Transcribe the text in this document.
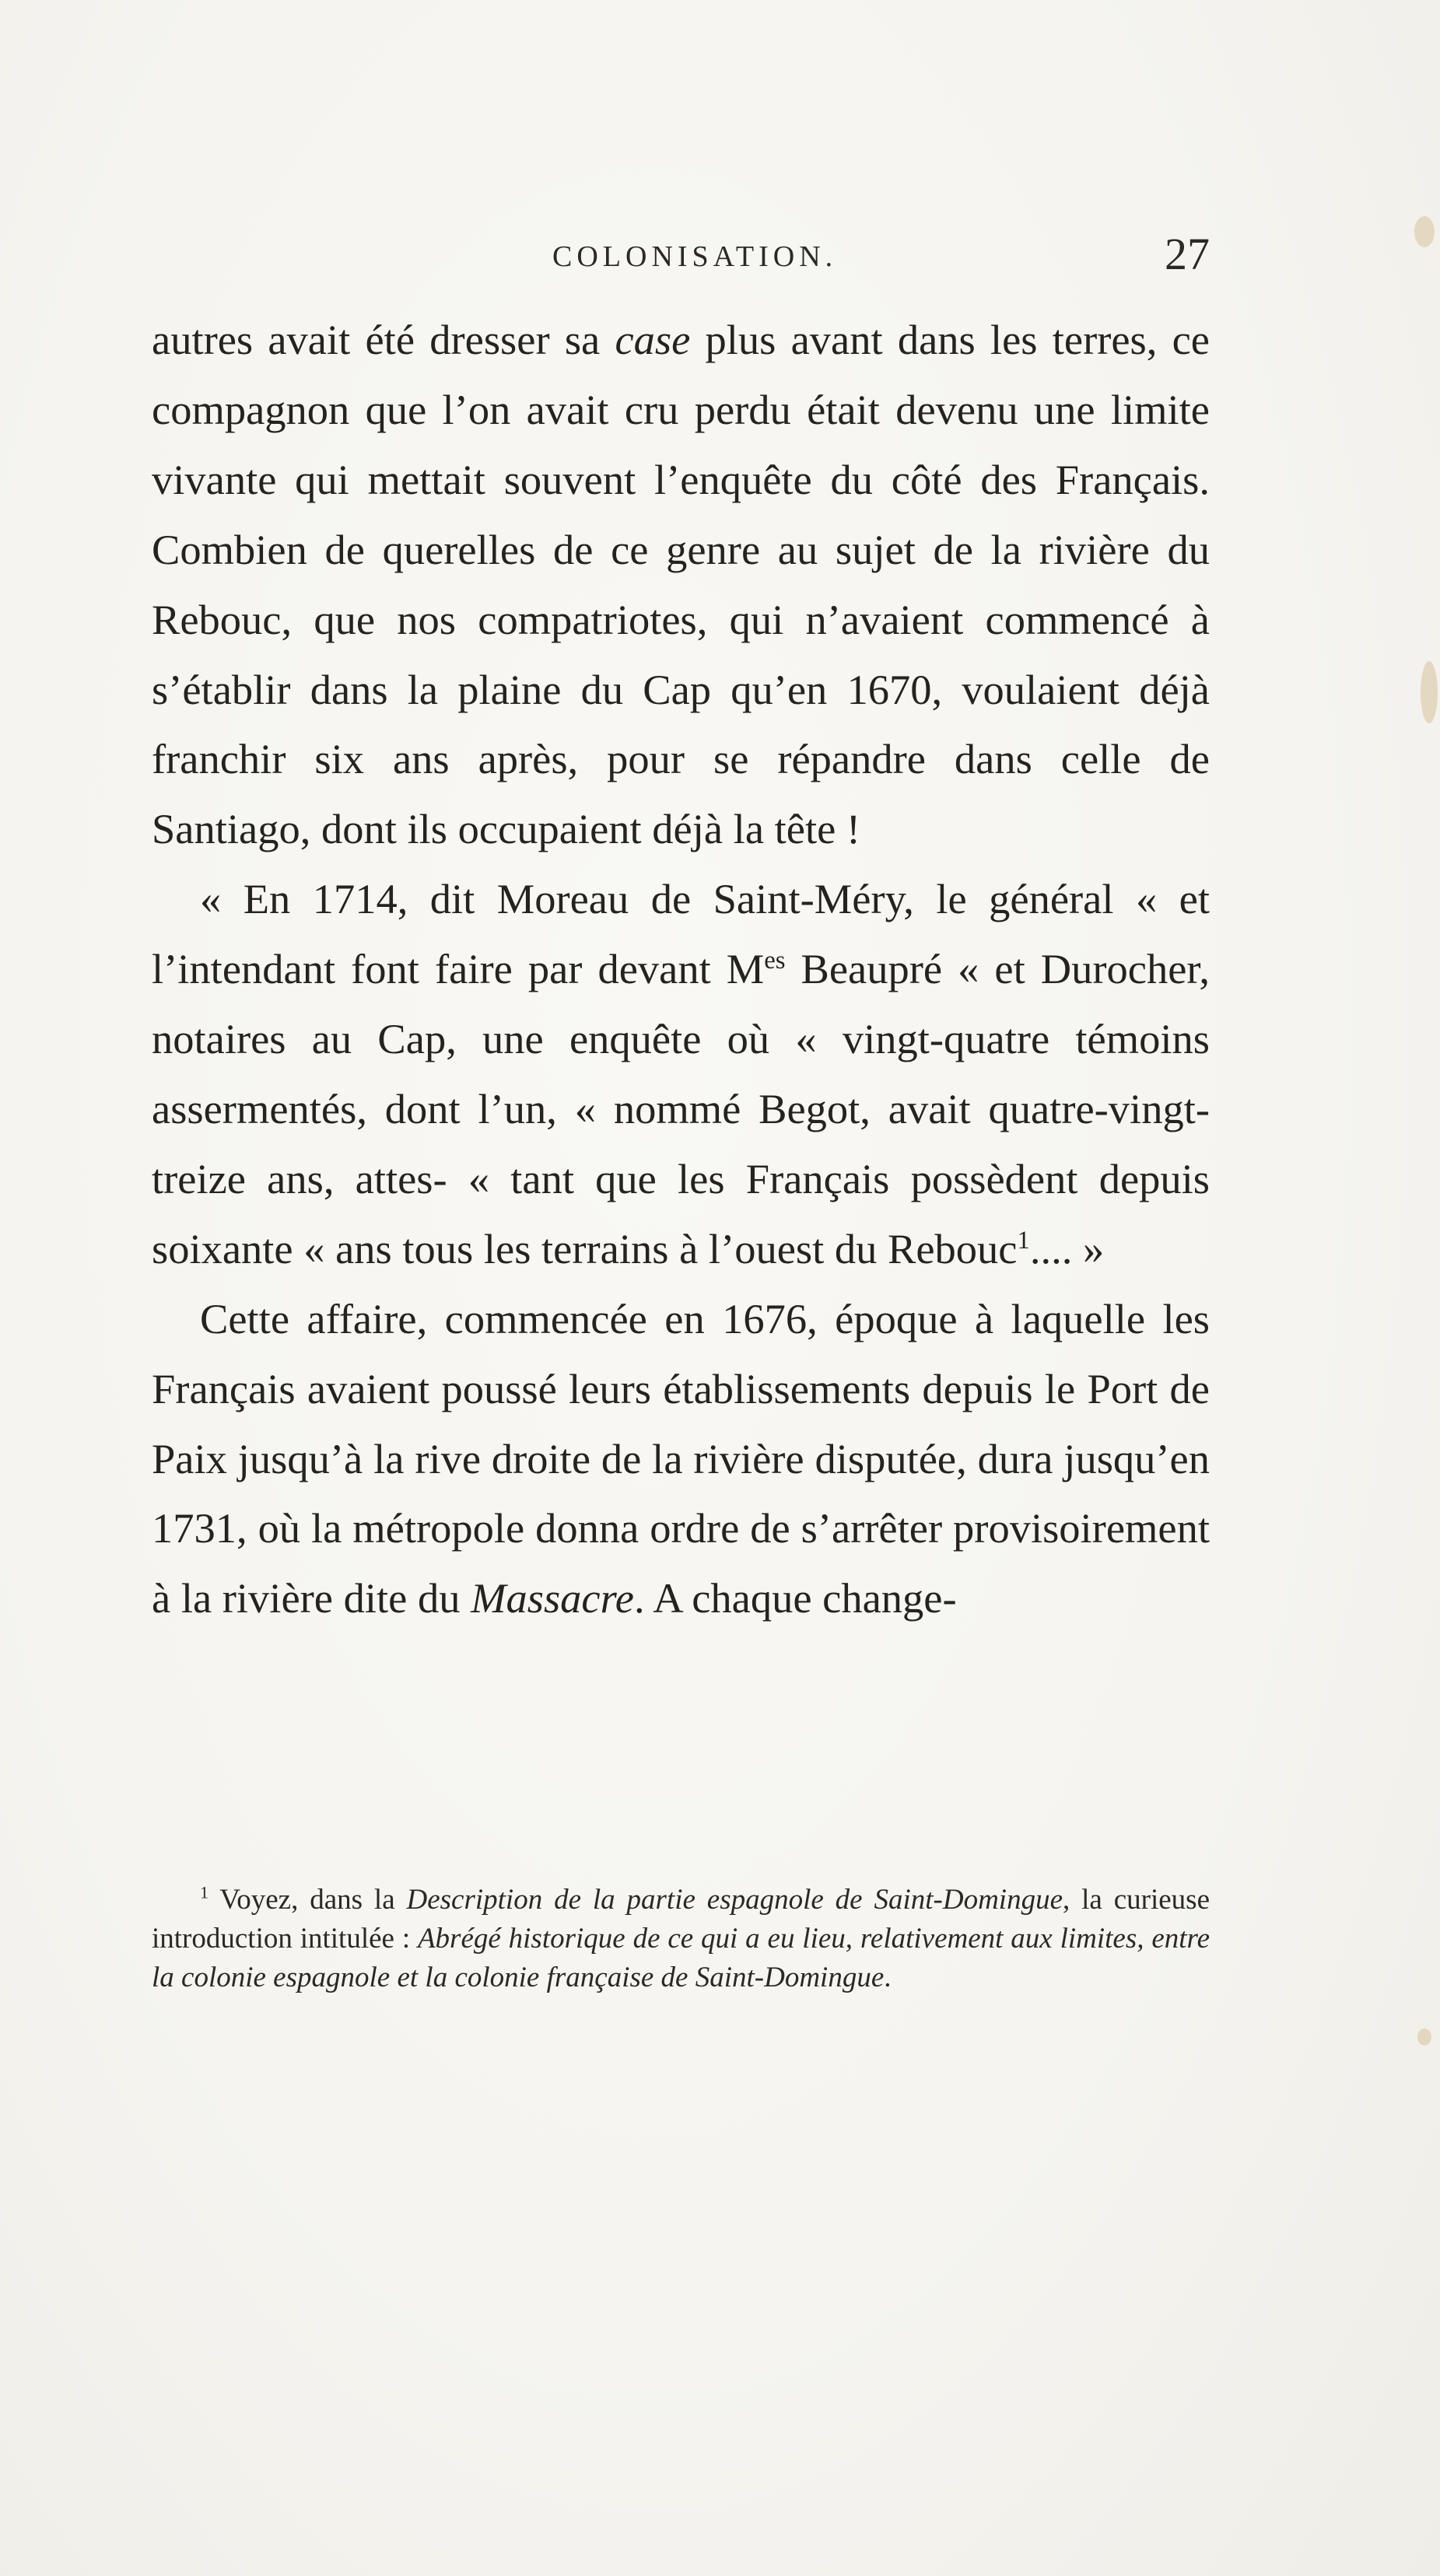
COLONISATION.	27

autres avait été dresser sa case plus avant dans les terres, ce compagnon que l’on avait cru perdu était devenu une limite vivante qui mettait souvent l’enquête du côté des Français. Combien de querelles de ce genre au sujet de la rivière du Rebouc, que nos compatriotes, qui n’avaient commencé à s’établir dans la plaine du Cap qu’en 1670, voulaient déjà franchir six ans après, pour se répandre dans celle de Santiago, dont ils occupaient déjà la tête !

« En 1714, dit Moreau de Saint-Méry, le général « et l’intendant font faire par devant $M^{es}$ Beaupré « et Durocher, notaires au Cap, une enquête où « vingt-quatre témoins assermentés, dont l’un, « nommé Begot, avait quatre-vingt-treize ans, attes- « tant que les Français possèdent depuis soixante « ans tous les terrains à l’ouest du Rebouc$^1$.... »

Cette affaire, commencée en 1676, époque à laquelle les Français avaient poussé leurs établissements depuis le Port de Paix jusqu’à la rive droite de la rivière disputée, dura jusqu’en 1731, où la métropole donna ordre de s’arrêter provisoirement à la rivière dite du Massacre. A chaque change-

$^1$ Voyez, dans la Description de la partie espagnole de Saint-Domingue, la curieuse introduction intitulée : Abrégé historique de ce qui a eu lieu, relativement aux limites, entre la colonie espagnole et la colonie française de Saint-Domingue.
